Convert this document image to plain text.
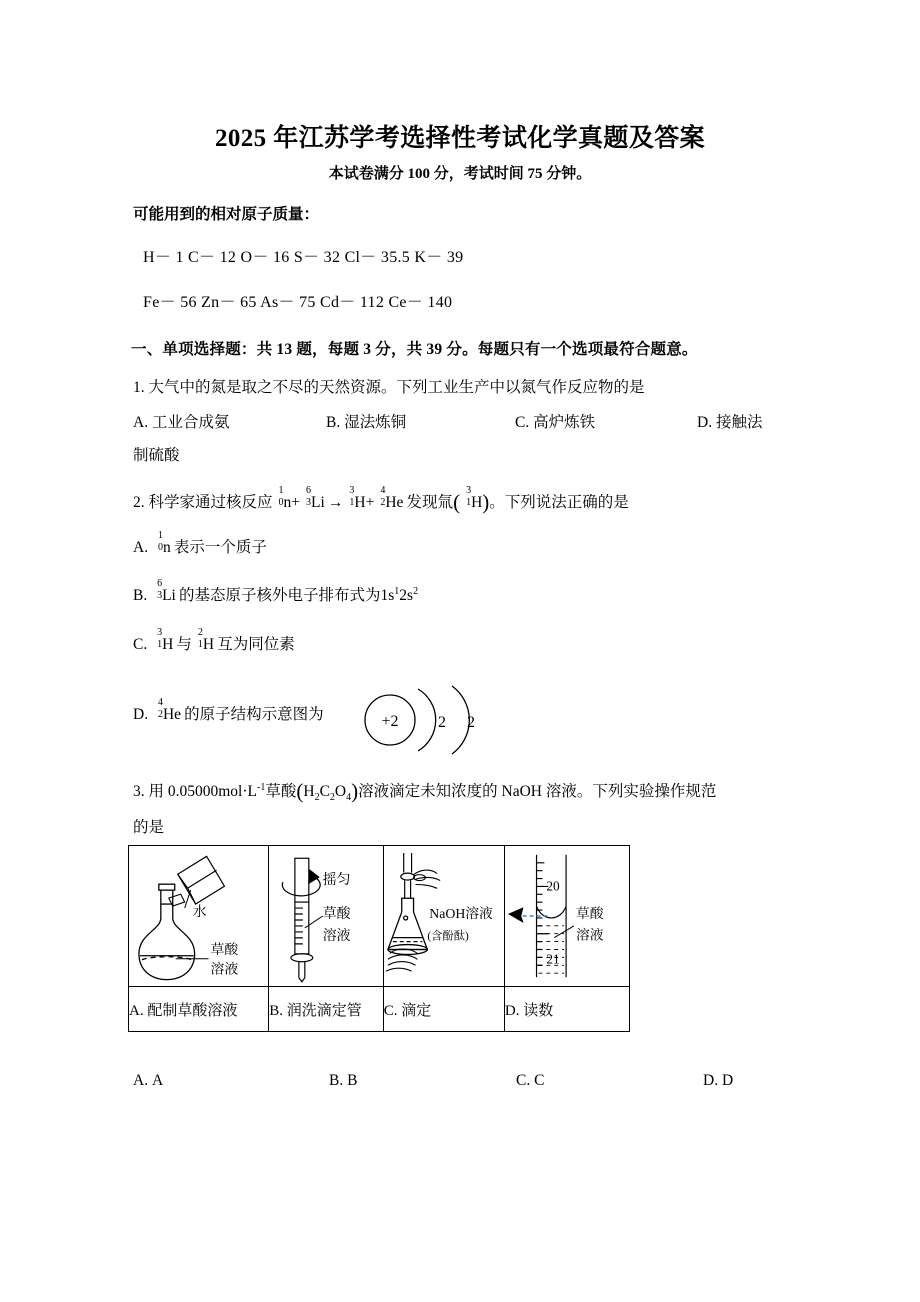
2025 年江苏学考选择性考试化学真题及答案
本试卷满分 100 分，考试时间 75 分钟。
可能用到的相对原子质量：
H－ 1 C－ 12 O－ 16 S－ 32 Cl－ 35.5 K－ 39
Fe－ 56 Zn－ 65 As－ 75 Cd－ 112 Ce－ 140
一、单项选择题：共 13 题，每题 3 分，共 39 分。每题只有一个选项最符合题意。
1. 大气中的氮是取之不尽的天然资源。下列工业生产中以氮气作反应物的是
A. 工业合成氨	B. 湿法炼铜	C. 高炉炼铁	D. 接触法
制硫酸
2. 科学家通过核反应
1
0 n+
6
3 Li  →
3
1 H+
4
2 He  发现氚( 3
1 H)。下列说法正确的是
A.
1
0 n  表示一个质子
B.
6
3 Li  的基态原子核外电子排布式为$1s^12s^2$
C.
3
1 H  与
2
1 H  互为同位素
D.
4
2 He  的原子结构示意图为	+2 2 2
3. 用 $0.05000mol\cdot L^{-1}$草酸$(H_2C_2O_4)$溶液滴定未知浓度的 NaOH 溶液。下列实验操作规范
的是
水
草酸
溶液	摇匀
草酸
溶液	NaOH溶液
(含酚酞)	20
21
草酸
溶液

A. 配制草酸溶液	B. 润洗滴定管	C. 滴定	D. 读数
A. A	B. B	C. C	D. D
